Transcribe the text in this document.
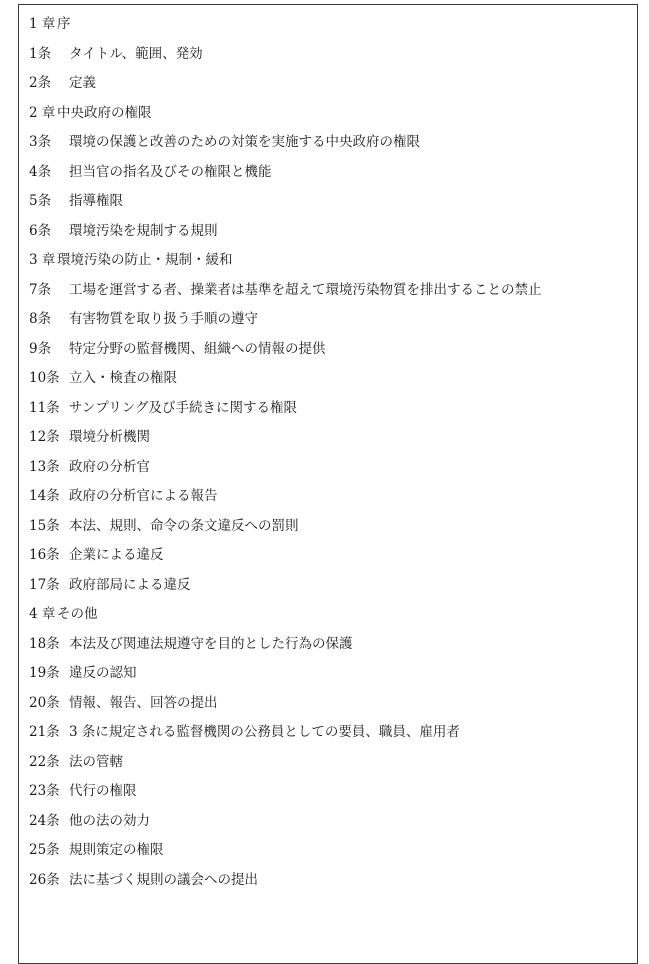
1 章 序
1条	タイトル、範囲、発効
2条	定義
2 章 中央政府の権限
3条	環境の保護と改善のための対策を実施する中央政府の権限
4条	担当官の指名及びその権限と機能
5条	指導権限
6条	環境汚染を規制する規則
3 章 環境汚染の防止・規制・緩和
7条	工場を運営する者、操業者は基準を超えて環境汚染物質を排出することの禁止
8条	有害物質を取り扱う手順の遵守
9条	特定分野の監督機関、組織への情報の提供
10条 立入・検査の権限
11条 サンプリング及び手続きに関する権限
12条 環境分析機関
13条 政府の分析官
14条 政府の分析官による報告
15条 本法、規則、命令の条文違反への罰則
16条 企業による違反
17条 政府部局による違反
4 章 その他
18条 本法及び関連法規遵守を目的とした行為の保護
19条 違反の認知
20条 情報、報告、回答の提出
21条 3 条に規定される監督機関の公務員としての要員、職員、雇用者
22条 法の管轄
23条 代行の権限
24条 他の法の効力
25条 規則策定の権限
26条 法に基づく規則の議会への提出
